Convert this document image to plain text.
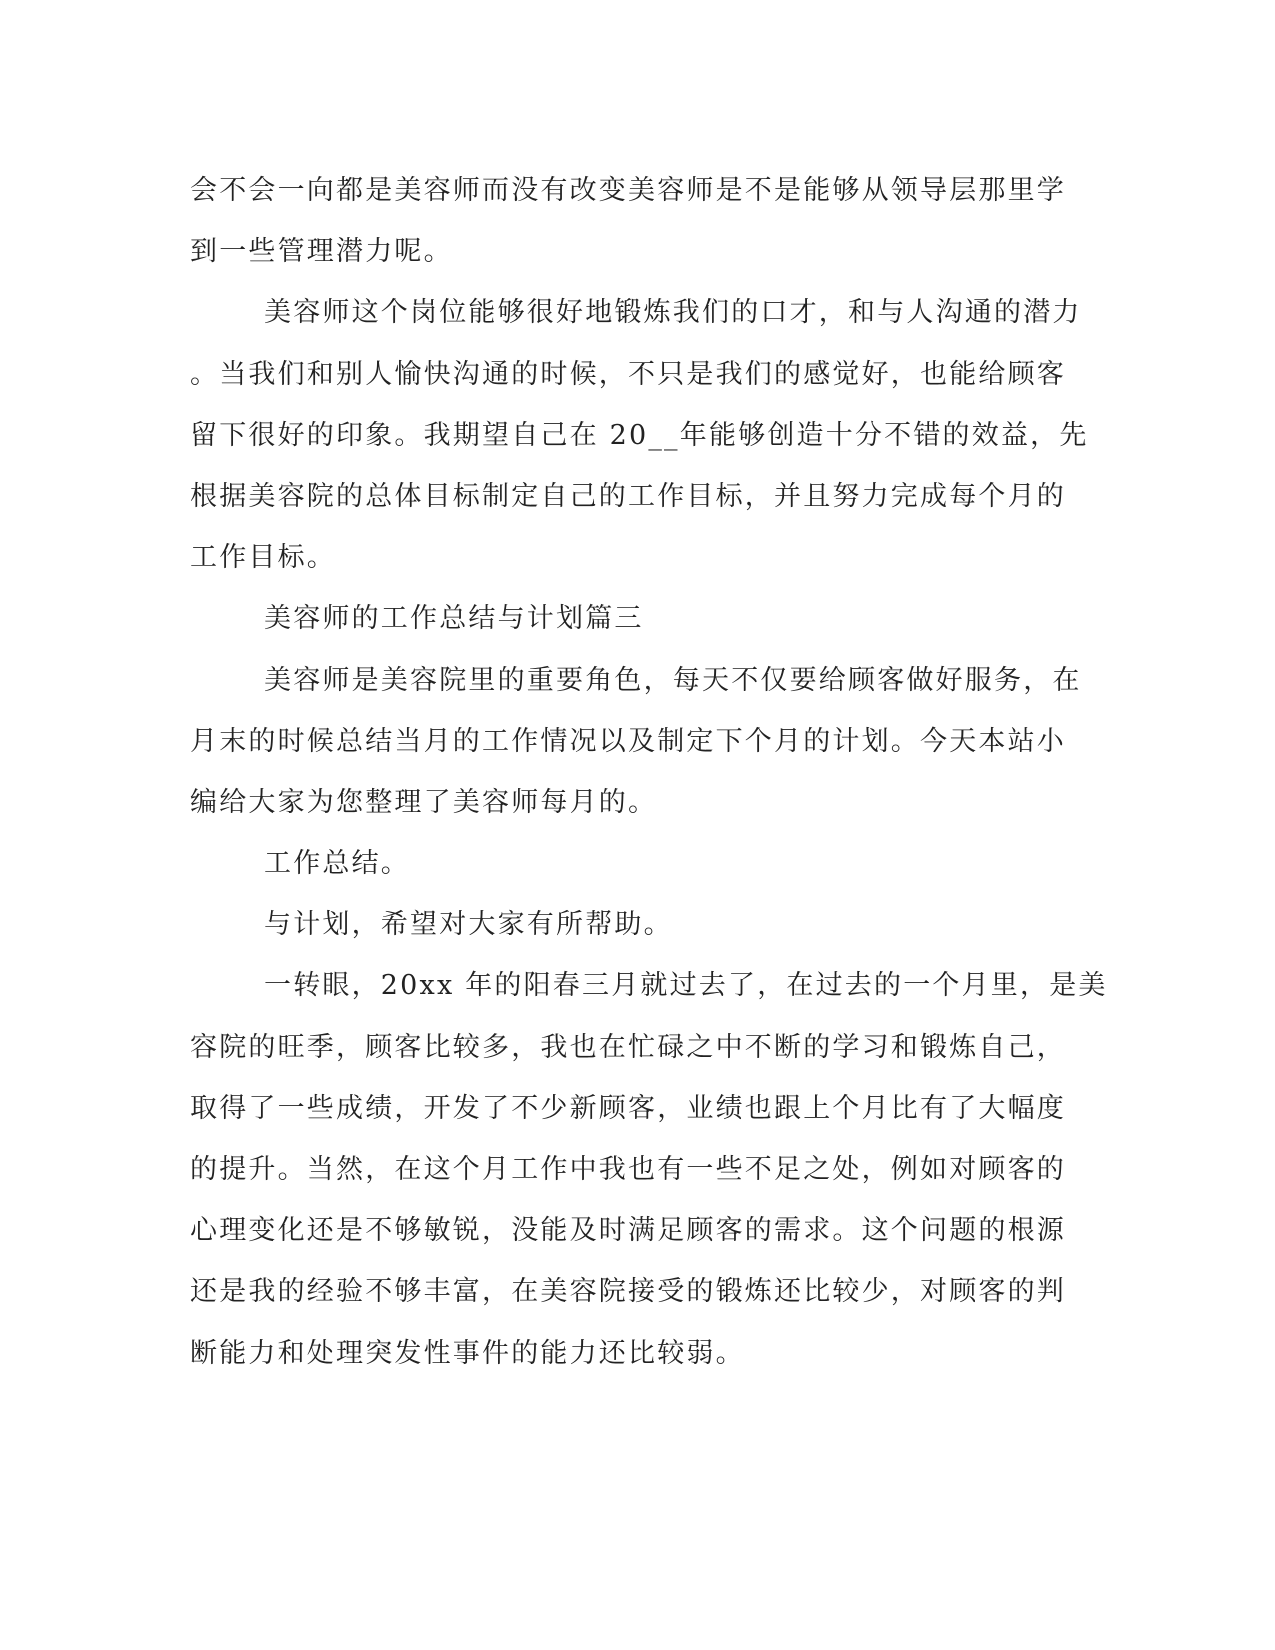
会不会一向都是美容师而没有改变美容师是不是能够从领导层那里学
到一些管理潜力呢。
美容师这个岗位能够很好地锻炼我们的口才，和与人沟通的潜力
。当我们和别人愉快沟通的时候，不只是我们的感觉好，也能给顾客
留下很好的印象。我期望自己在 20__年能够创造十分不错的效益，先
根据美容院的总体目标制定自己的工作目标，并且努力完成每个月的
工作目标。
美容师的工作总结与计划篇三
美容师是美容院里的重要角色，每天不仅要给顾客做好服务，在
月末的时候总结当月的工作情况以及制定下个月的计划。今天本站小
编给大家为您整理了美容师每月的。
工作总结。
与计划，希望对大家有所帮助。
一转眼，20xx 年的阳春三月就过去了，在过去的一个月里，是美
容院的旺季，顾客比较多，我也在忙碌之中不断的学习和锻炼自己，
取得了一些成绩，开发了不少新顾客，业绩也跟上个月比有了大幅度
的提升。当然，在这个月工作中我也有一些不足之处，例如对顾客的
心理变化还是不够敏锐，没能及时满足顾客的需求。这个问题的根源
还是我的经验不够丰富，在美容院接受的锻炼还比较少，对顾客的判
断能力和处理突发性事件的能力还比较弱。
